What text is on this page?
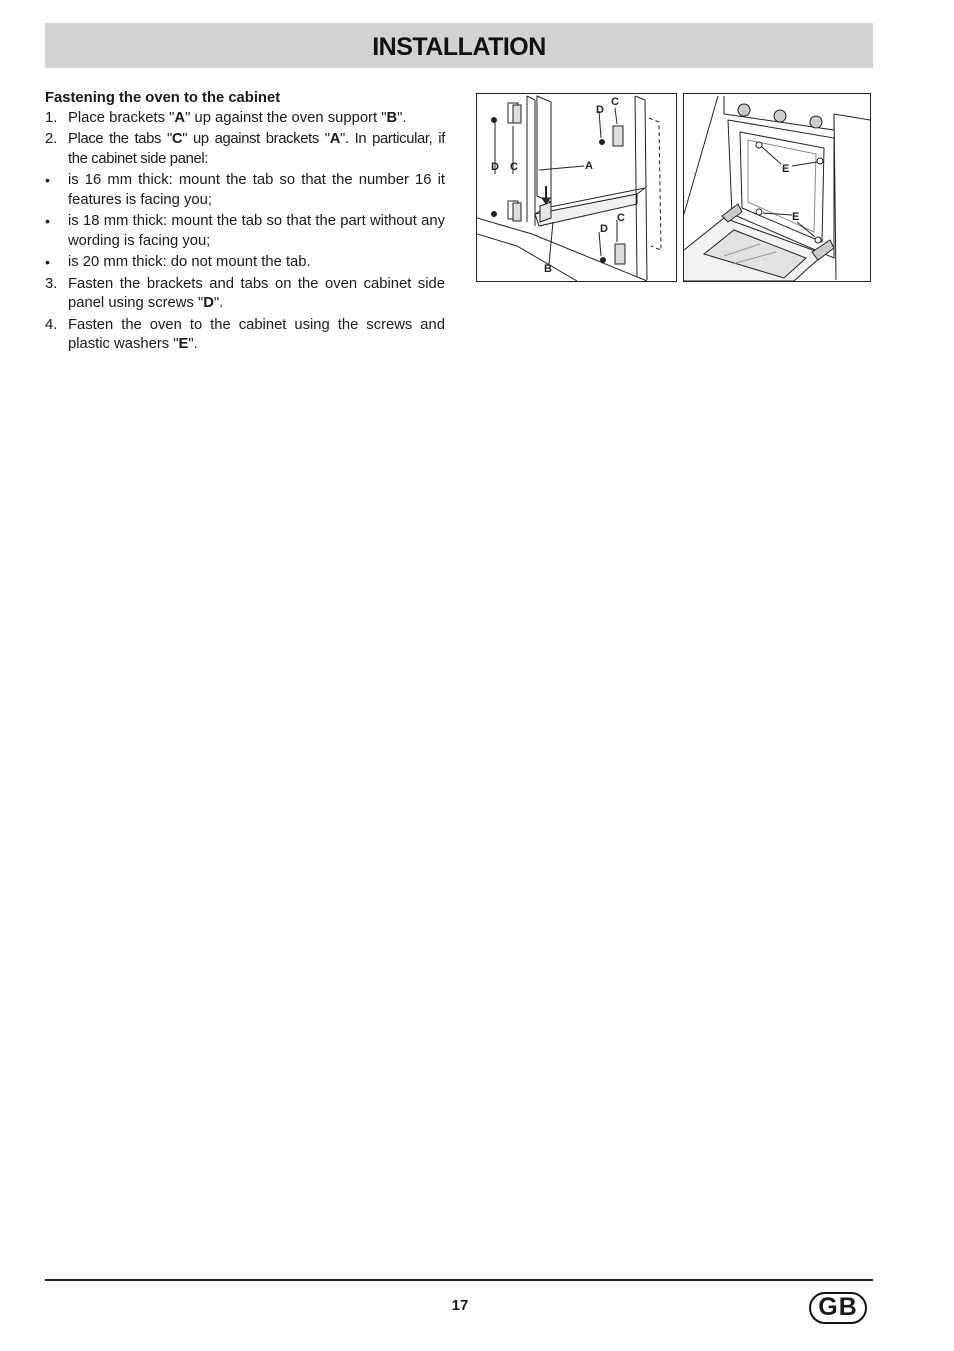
INSTALLATION

Fastening the oven to the cabinet

1. Place brackets "A" up against the oven support "B".
2. Place the tabs "C" up against brackets "A". In particular, if the cabinet side panel:
•	is 16 mm thick: mount the tab so that the number 16 it features is facing you;
•	is 18 mm thick: mount the tab so that the part without any wording is facing you;
•	is 20 mm thick: do not mount the tab.
3. Fasten the brackets and tabs on the oven cabinet side panel using screws "D".
4. Fasten the oven to the cabinet using the screws and plastic washers "E".
D
C
D C	A
C
D
B
E
E
17	GB
